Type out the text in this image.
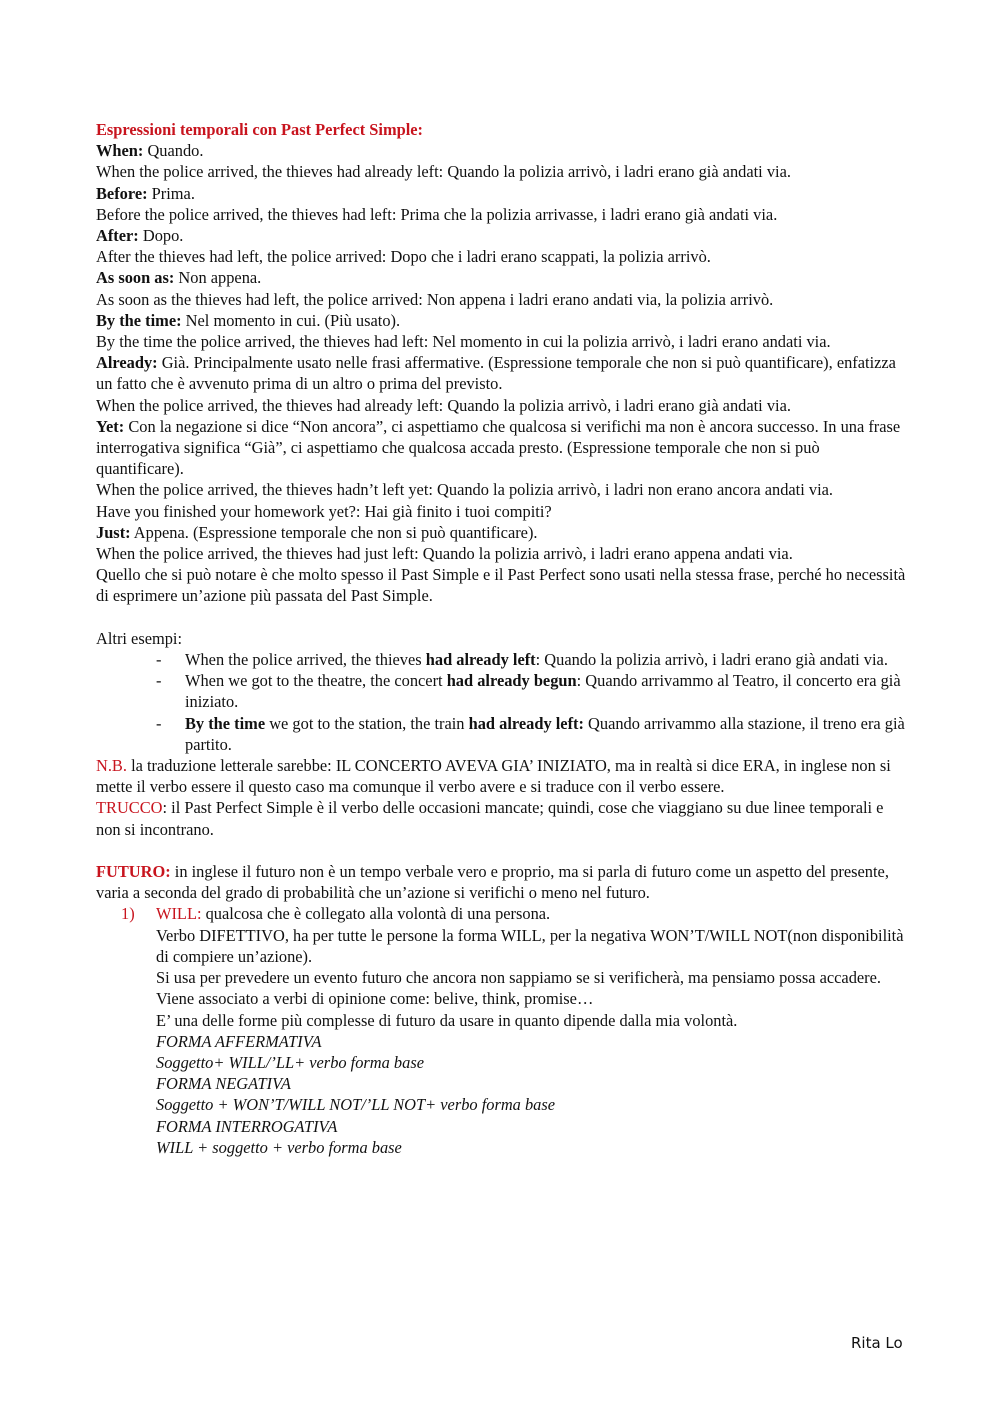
Espressioni temporali con Past Perfect Simple:

When: Quando.

When the police arrived, the thieves had already left: Quando la polizia arrivò, i ladri erano già andati via.

Before: Prima.

Before the police arrived, the thieves had left: Prima che la polizia arrivasse, i ladri erano già andati via.

After: Dopo.

After the thieves had left, the police arrived: Dopo che i ladri erano scappati, la polizia arrivò.

As soon as: Non appena.

As soon as the thieves had left, the police arrived: Non appena i ladri erano andati via, la polizia arrivò.

By the time: Nel momento in cui. (Più usato).

By the time the police arrived, the thieves had left: Nel momento in cui la polizia arrivò, i ladri erano andati via.

Already: Già. Principalmente usato nelle frasi affermative. (Espressione temporale che non si può quantificare), enfatizza un fatto che è avvenuto prima di un altro o prima del previsto.

When the police arrived, the thieves had already left: Quando la polizia arrivò, i ladri erano già andati via.

Yet: Con la negazione si dice “Non ancora”, ci aspettiamo che qualcosa si verifichi ma non è ancora successo. In una frase interrogativa significa “Già”, ci aspettiamo che qualcosa accada presto. (Espressione temporale che non si può quantificare).

When the police arrived, the thieves hadn’t left yet: Quando la polizia arrivò, i ladri non erano ancora andati via.

Have you finished your homework yet?: Hai già finito i tuoi compiti?

Just: Appena. (Espressione temporale che non si può quantificare).

When the police arrived, the thieves had just left: Quando la polizia arrivò, i ladri erano appena andati via.

Quello che si può notare è che molto spesso il Past Simple e il Past Perfect sono usati nella stessa frase, perché ho necessità di esprimere un’azione più passata del Past Simple.

Altri esempi:

- When the police arrived, the thieves had already left: Quando la polizia arrivò, i ladri erano già andati via.
- When we got to the theatre, the concert had already begun: Quando arrivammo al Teatro, il concerto era già iniziato.
- By the time we got to the station, the train had already left: Quando arrivammo alla stazione, il treno era già partito.

N.B. la traduzione letterale sarebbe: IL CONCERTO AVEVA GIA’ INIZIATO, ma in realtà si dice ERA, in inglese non si mette il verbo essere il questo caso ma comunque il verbo avere e si traduce con il verbo essere.

TRUCCO: il Past Perfect Simple è il verbo delle occasioni mancate; quindi, cose che viaggiano su due linee temporali e non si incontrano.

FUTURO: in inglese il futuro non è un tempo verbale vero e proprio, ma si parla di futuro come un aspetto del presente, varia a seconda del grado di probabilità che un’azione si verifichi o meno nel futuro.

1) WILL: qualcosa che è collegato alla volontà di una persona.

Verbo DIFETTIVO, ha per tutte le persone la forma WILL, per la negativa WON’T/WILL NOT(non disponibilità di compiere un’azione).

Si usa per prevedere un evento futuro che ancora non sappiamo se si verificherà, ma pensiamo possa accadere.

Viene associato a verbi di opinione come: belive, think, promise…

E’ una delle forme più complesse di futuro da usare in quanto dipende dalla mia volontà.

FORMA AFFERMATIVA

Soggetto+ WILL/’LL+ verbo forma base

FORMA NEGATIVA

Soggetto + WON’T/WILL NOT/’LL NOT+ verbo forma base

FORMA INTERROGATIVA

WILL + soggetto + verbo forma base

Rita Lo
